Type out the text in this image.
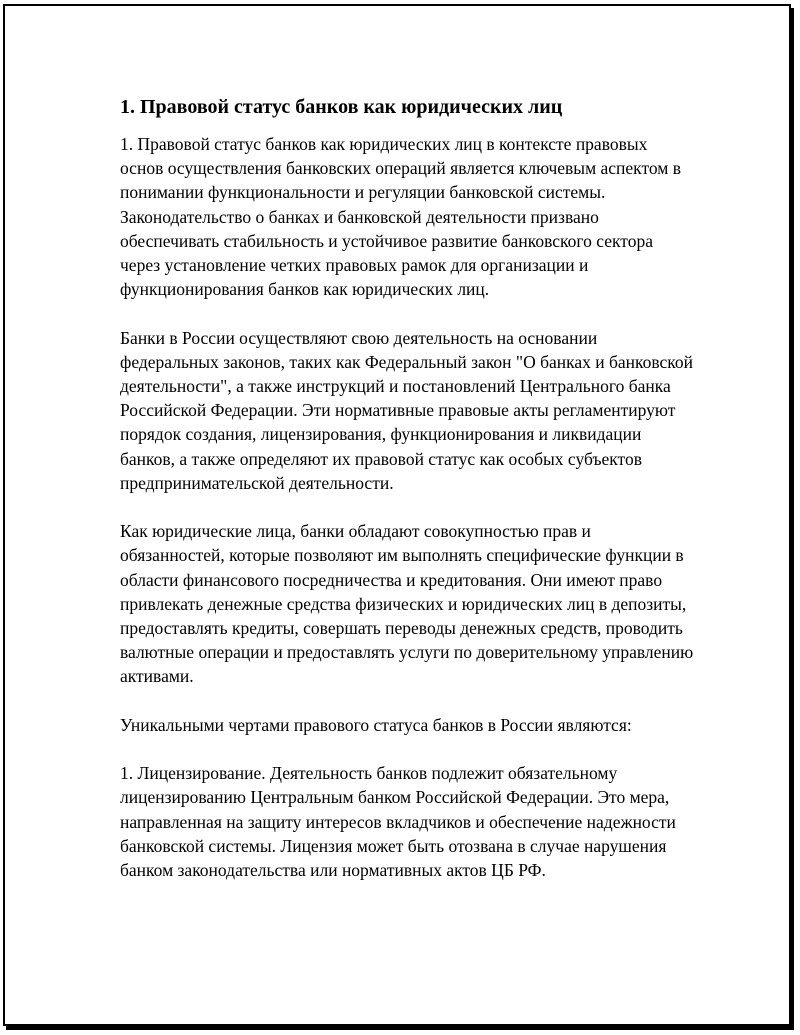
1. Правовой статус банков как юридических лиц

1. Правовой статус банков как юридических лиц в контексте правовых основ осуществления банковских операций является ключевым аспектом в понимании функциональности и регуляции банковской системы. Законодательство о банках и банковской деятельности призвано обеспечивать стабильность и устойчивое развитие банковского сектора через установление четких правовых рамок для организации и функционирования банков как юридических лиц.

Банки в России осуществляют свою деятельность на основании федеральных законов, таких как Федеральный закон "О банках и банковской деятельности", а также инструкций и постановлений Центрального банка Российской Федерации. Эти нормативные правовые акты регламентируют порядок создания, лицензирования, функционирования и ликвидации банков, а также определяют их правовой статус как особых субъектов предпринимательской деятельности.

Как юридические лица, банки обладают совокупностью прав и обязанностей, которые позволяют им выполнять специфические функции в области финансового посредничества и кредитования. Они имеют право привлекать денежные средства физических и юридических лиц в депозиты, предоставлять кредиты, совершать переводы денежных средств, проводить валютные операции и предоставлять услуги по доверительному управлению активами.

Уникальными чертами правового статуса банков в России являются:

1. Лицензирование. Деятельность банков подлежит обязательному лицензированию Центральным банком Российской Федерации. Это мера, направленная на защиту интересов вкладчиков и обеспечение надежности банковской системы. Лицензия может быть отозвана в случае нарушения банком законодательства или нормативных актов ЦБ РФ.
